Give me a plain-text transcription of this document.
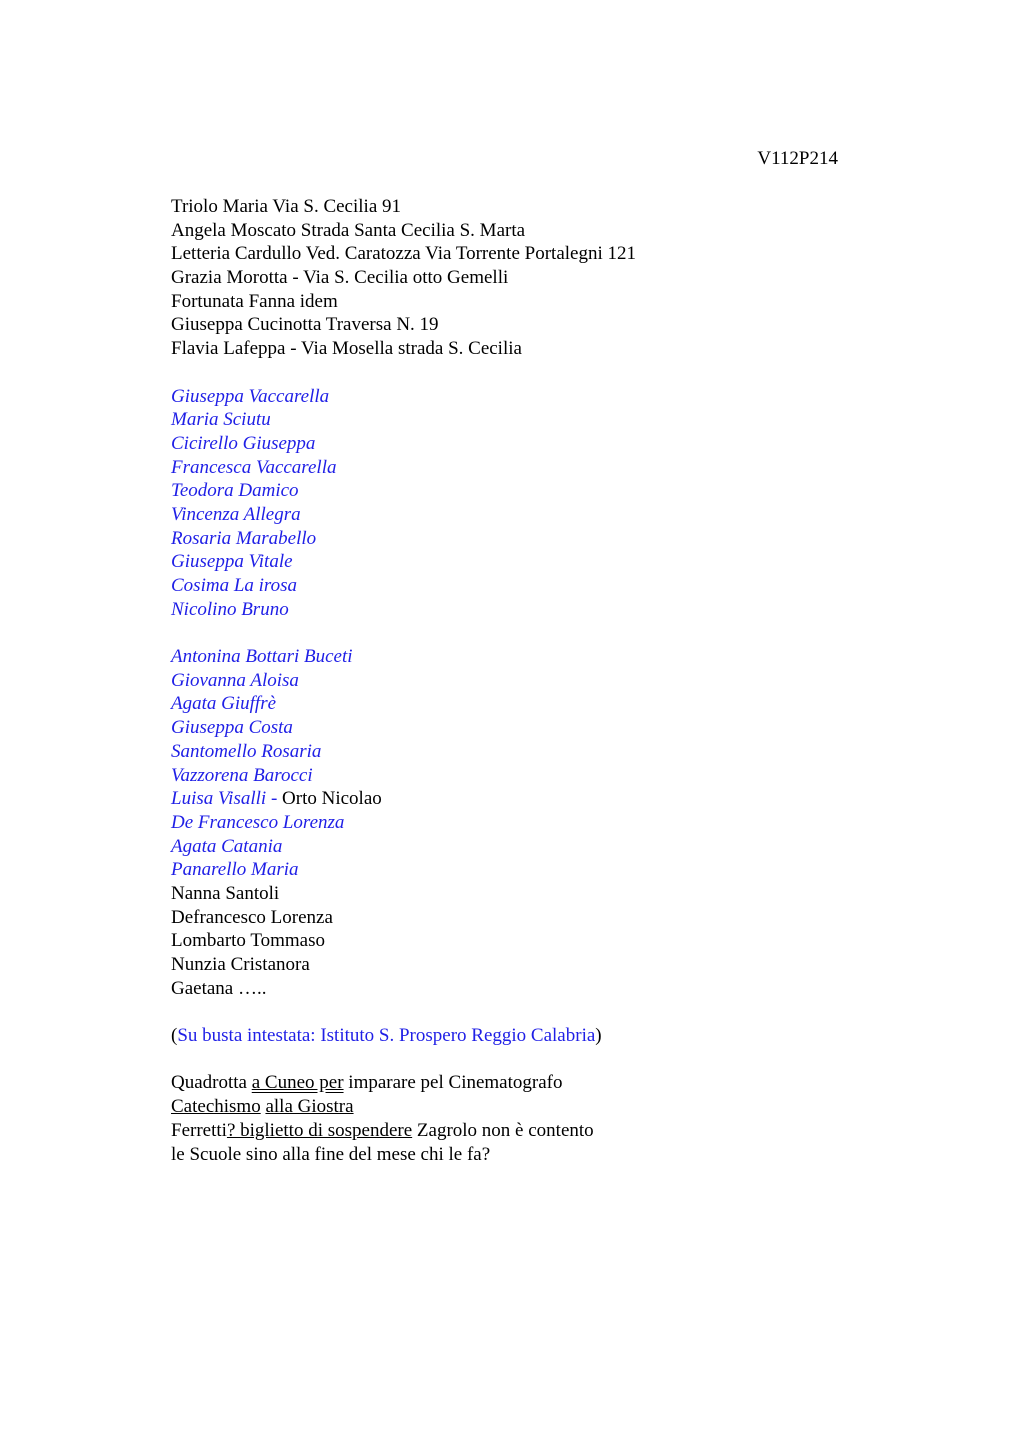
V112P214
Triolo Maria Via S. Cecilia 91
Angela Moscato Strada Santa Cecilia S. Marta
Letteria Cardullo Ved. Caratozza Via Torrente Portalegni 121
Grazia Morotta - Via S. Cecilia otto Gemelli
Fortunata Fanna idem
Giuseppa Cucinotta Traversa N. 19
Flavia Lafeppa - Via Mosella strada S. Cecilia
Giuseppa Vaccarella
Maria Sciutu
Cicirello Giuseppa
Francesca Vaccarella
Teodora Damico
Vincenza Allegra
Rosaria Marabello
Giuseppa Vitale
Cosima La irosa
Nicolino Bruno
Antonina Bottari Buceti
Giovanna Aloisa
Agata Giuffrè
Giuseppa Costa
Santomello Rosaria
Vazzorena Barocci
Luisa Visalli - Orto Nicolao
De Francesco Lorenza
Agata Catania
Panarello Maria
Nanna Santoli
Defrancesco Lorenza
Lombarto Tommaso
Nunzia Cristanora
Gaetana …..
(Su busta intestata: Istituto S. Prospero Reggio Calabria)
Quadrotta a Cuneo per imparare pel Cinematografo
Catechismo alla Giostra
Ferretti? biglietto di sospendere Zagrolo non è contento
le Scuole sino alla fine del mese chi le fa?
